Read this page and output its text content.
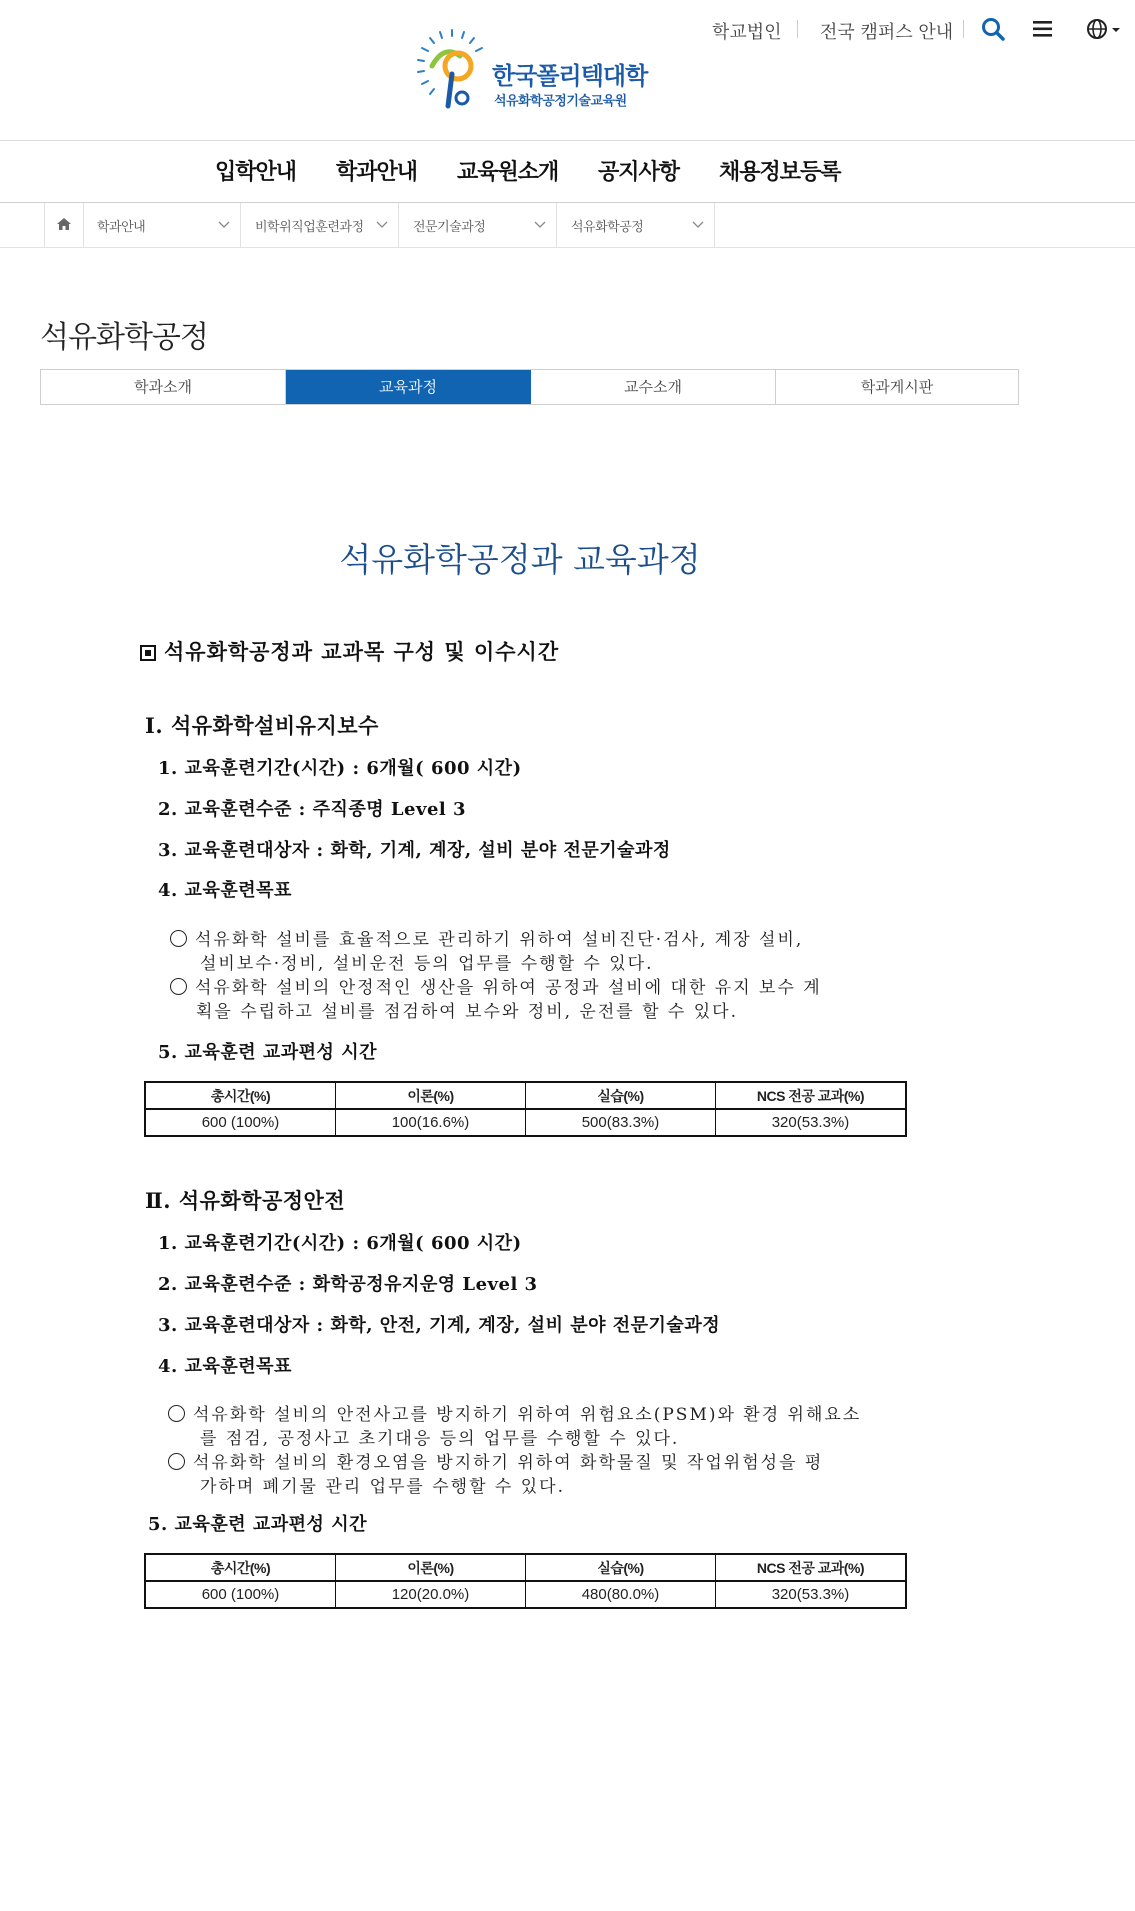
한국폴리텍대학
석유화학공정기술교육원
학교법인 전국 캠퍼스 안내
입학안내 학과안내 교육원소개 공지사항 채용정보등록
학과안내	비학위직업훈련과정	전문기술과정	석유화학공정
석유화학공정
학과소개	교육과정	교수소개	학과게시판
석유화학공정과 교육과정
석유화학공정과 교과목 구성 및 이수시간
Ⅰ. 석유화학설비유지보수
1. 교육훈련기간(시간) : 6개월( 600 시간)
2. 교육훈련수준 : 주직종명 Level 3
3. 교육훈련대상자 : 화학, 기계, 계장, 설비 분야 전문기술과정
4. 교육훈련목표
석유화학 설비를 효율적으로 관리하기 위하여 설비진단·검사, 계장 설비,
설비보수·정비, 설비운전 등의 업무를 수행할 수 있다.
석유화학 설비의 안정적인 생산을 위하여 공정과 설비에 대한 유지 보수 계
획을 수립하고 설비를 점검하여 보수와 정비, 운전를 할 수 있다.
5. 교육훈련 교과편성 시간
총시간(%)	이론(%)	실습(%)	NCS 전공 교과(%)
600 (100%)	100(16.6%)	500(83.3%)	320(53.3%)
Ⅱ. 석유화학공정안전
1. 교육훈련기간(시간) : 6개월( 600 시간)
2. 교육훈련수준 : 화학공정유지운영 Level 3
3. 교육훈련대상자 : 화학, 안전, 기계, 계장, 설비 분야 전문기술과정
4. 교육훈련목표
석유화학 설비의 안전사고를 방지하기 위하여 위험요소(PSM)와 환경 위해요소
를 점검, 공정사고 초기대응 등의 업무를 수행할 수 있다.
석유화학 설비의 환경오염을 방지하기 위하여 화학물질 및 작업위험성을 평
가하며 폐기물 관리 업무를 수행할 수 있다.
5. 교육훈련 교과편성 시간
총시간(%)	이론(%)	실습(%)	NCS 전공 교과(%)
600 (100%)	120(20.0%)	480(80.0%)	320(53.3%)
